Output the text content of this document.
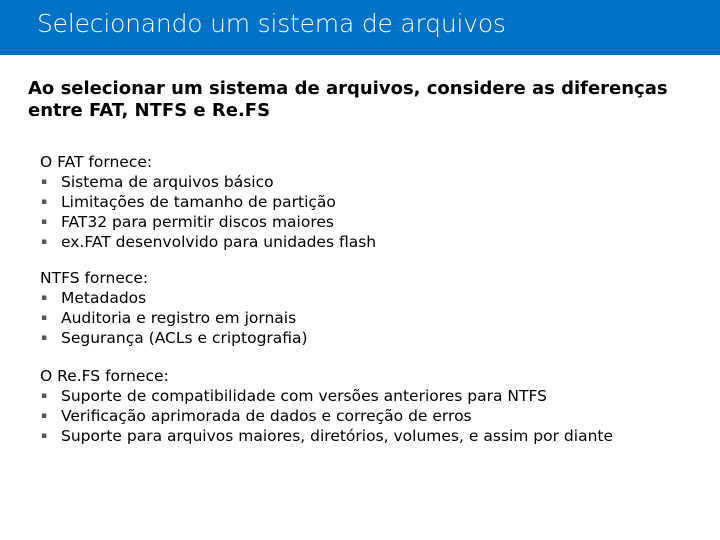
Selecionando um sistema de arquivos
Ao selecionar um sistema de arquivos, considere as diferenças entre FAT, NTFS e Re.FS
O FAT fornece:
▪ Sistema de arquivos básico
▪ Limitações de tamanho de partição
▪ FAT32 para permitir discos maiores
▪ ex.FAT desenvolvido para unidades flash
NTFS fornece:
▪ Metadados
▪ Auditoria e registro em jornais
▪ Segurança (ACLs e criptografia)
O Re.FS fornece:
▪ Suporte de compatibilidade com versões anteriores para NTFS
▪ Verificação aprimorada de dados e correção de erros
▪ Suporte para arquivos maiores, diretórios, volumes, e assim por diante
